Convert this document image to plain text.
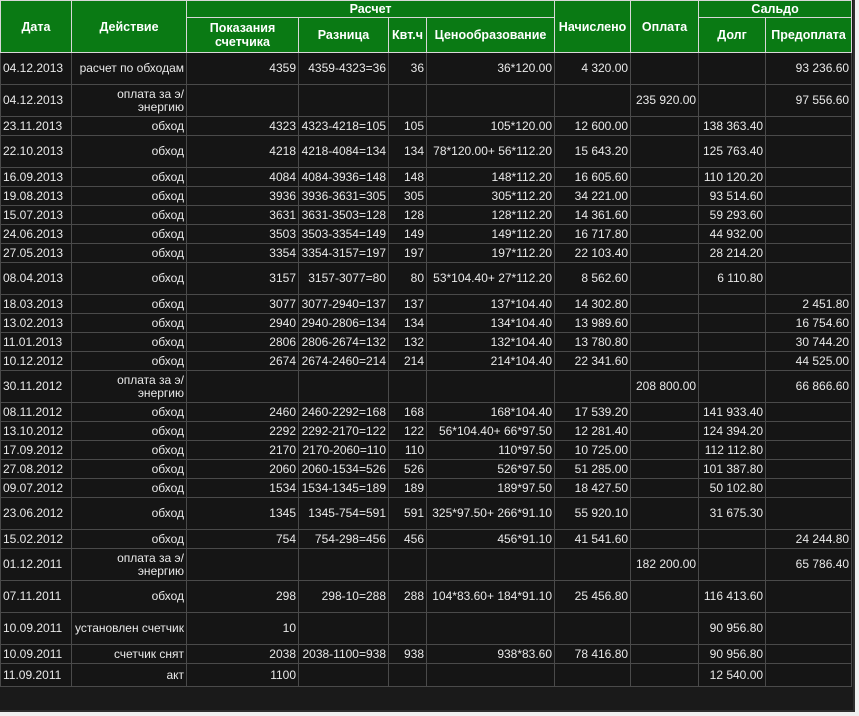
Дата	Действие	Расчет				Начислено	Оплата	Сальдо	
		Показания счетчика	Разница	Квт.ч	Ценообразование			Долг	Предоплата
04.12.2013	расчет по обходам	4359	4359-4323=36	36	36*120.00	4 320.00			93 236.60
04.12.2013	оплата за э/энергию						235 920.00		97 556.60
23.11.2013	обход	4323	4323-4218=105	105	105*120.00	12 600.00		138 363.40	
22.10.2013	обход	4218	4218-4084=134	134	78*120.00+ 56*112.20	15 643.20		125 763.40	
16.09.2013	обход	4084	4084-3936=148	148	148*112.20	16 605.60		110 120.20	
19.08.2013	обход	3936	3936-3631=305	305	305*112.20	34 221.00		93 514.60	
15.07.2013	обход	3631	3631-3503=128	128	128*112.20	14 361.60		59 293.60	
24.06.2013	обход	3503	3503-3354=149	149	149*112.20	16 717.80		44 932.00	
27.05.2013	обход	3354	3354-3157=197	197	197*112.20	22 103.40		28 214.20	
08.04.2013	обход	3157	3157-3077=80	80	53*104.40+ 27*112.20	8 562.60		6 110.80	
18.03.2013	обход	3077	3077-2940=137	137	137*104.40	14 302.80			2 451.80
13.02.2013	обход	2940	2940-2806=134	134	134*104.40	13 989.60			16 754.60
11.01.2013	обход	2806	2806-2674=132	132	132*104.40	13 780.80			30 744.20
10.12.2012	обход	2674	2674-2460=214	214	214*104.40	22 341.60			44 525.00
30.11.2012	оплата за э/энергию						208 800.00		66 866.60
08.11.2012	обход	2460	2460-2292=168	168	168*104.40	17 539.20		141 933.40	
13.10.2012	обход	2292	2292-2170=122	122	56*104.40+ 66*97.50	12 281.40		124 394.20	
17.09.2012	обход	2170	2170-2060=110	110	110*97.50	10 725.00		112 112.80	
27.08.2012	обход	2060	2060-1534=526	526	526*97.50	51 285.00		101 387.80	
09.07.2012	обход	1534	1534-1345=189	189	189*97.50	18 427.50		50 102.80	
23.06.2012	обход	1345	1345-754=591	591	325*97.50+ 266*91.10	55 920.10		31 675.30	
15.02.2012	обход	754	754-298=456	456	456*91.10	41 541.60			24 244.80
01.12.2011	оплата за э/энергию						182 200.00		65 786.40
07.11.2011	обход	298	298-10=288	288	104*83.60+ 184*91.10	25 456.80		116 413.60	
10.09.2011	установлен счетчик	10						90 956.80	
10.09.2011	счетчик снят	2038	2038-1100=938	938	938*83.60	78 416.80		90 956.80	
11.09.2011	акт	1100						12 540.00	
